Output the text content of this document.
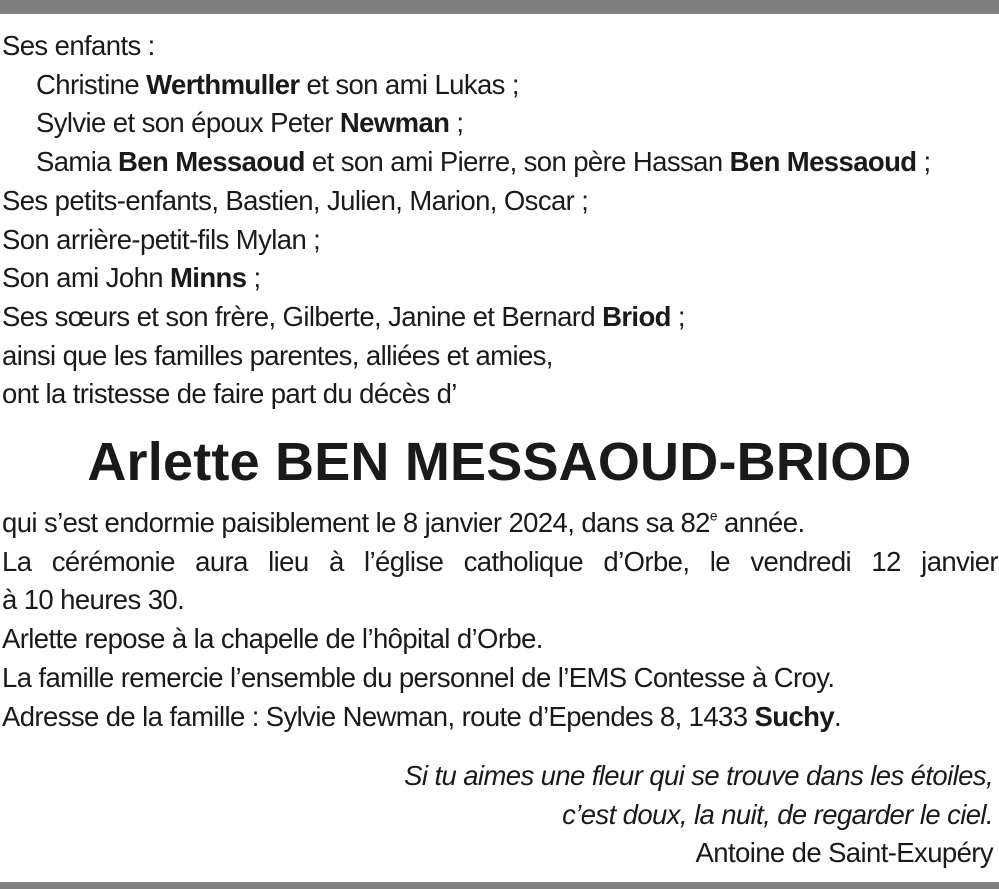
Ses enfants :
Christine Werthmuller et son ami Lukas ;
Sylvie et son époux Peter Newman ;
Samia Ben Messaoud et son ami Pierre, son père Hassan Ben Messaoud ;
Ses petits-enfants, Bastien, Julien, Marion, Oscar ;
Son arrière-petit-fils Mylan ;
Son ami John Minns ;
Ses sœurs et son frère, Gilberte, Janine et Bernard Briod ;
ainsi que les familles parentes, alliées et amies,
ont la tristesse de faire part du décès d’
Arlette BEN MESSAOUD-BRIOD
qui s’est endormie paisiblement le 8 janvier 2024, dans sa 82e année.
La cérémonie aura lieu à l’église catholique d’Orbe, le vendredi 12 janvier
à 10 heures 30.
Arlette repose à la chapelle de l’hôpital d’Orbe.
La famille remercie l’ensemble du personnel de l’EMS Contesse à Croy.
Adresse de la famille : Sylvie Newman, route d’Ependes 8, 1433 Suchy.
Si tu aimes une fleur qui se trouve dans les étoiles,
c’est doux, la nuit, de regarder le ciel.
Antoine de Saint-Exupéry
